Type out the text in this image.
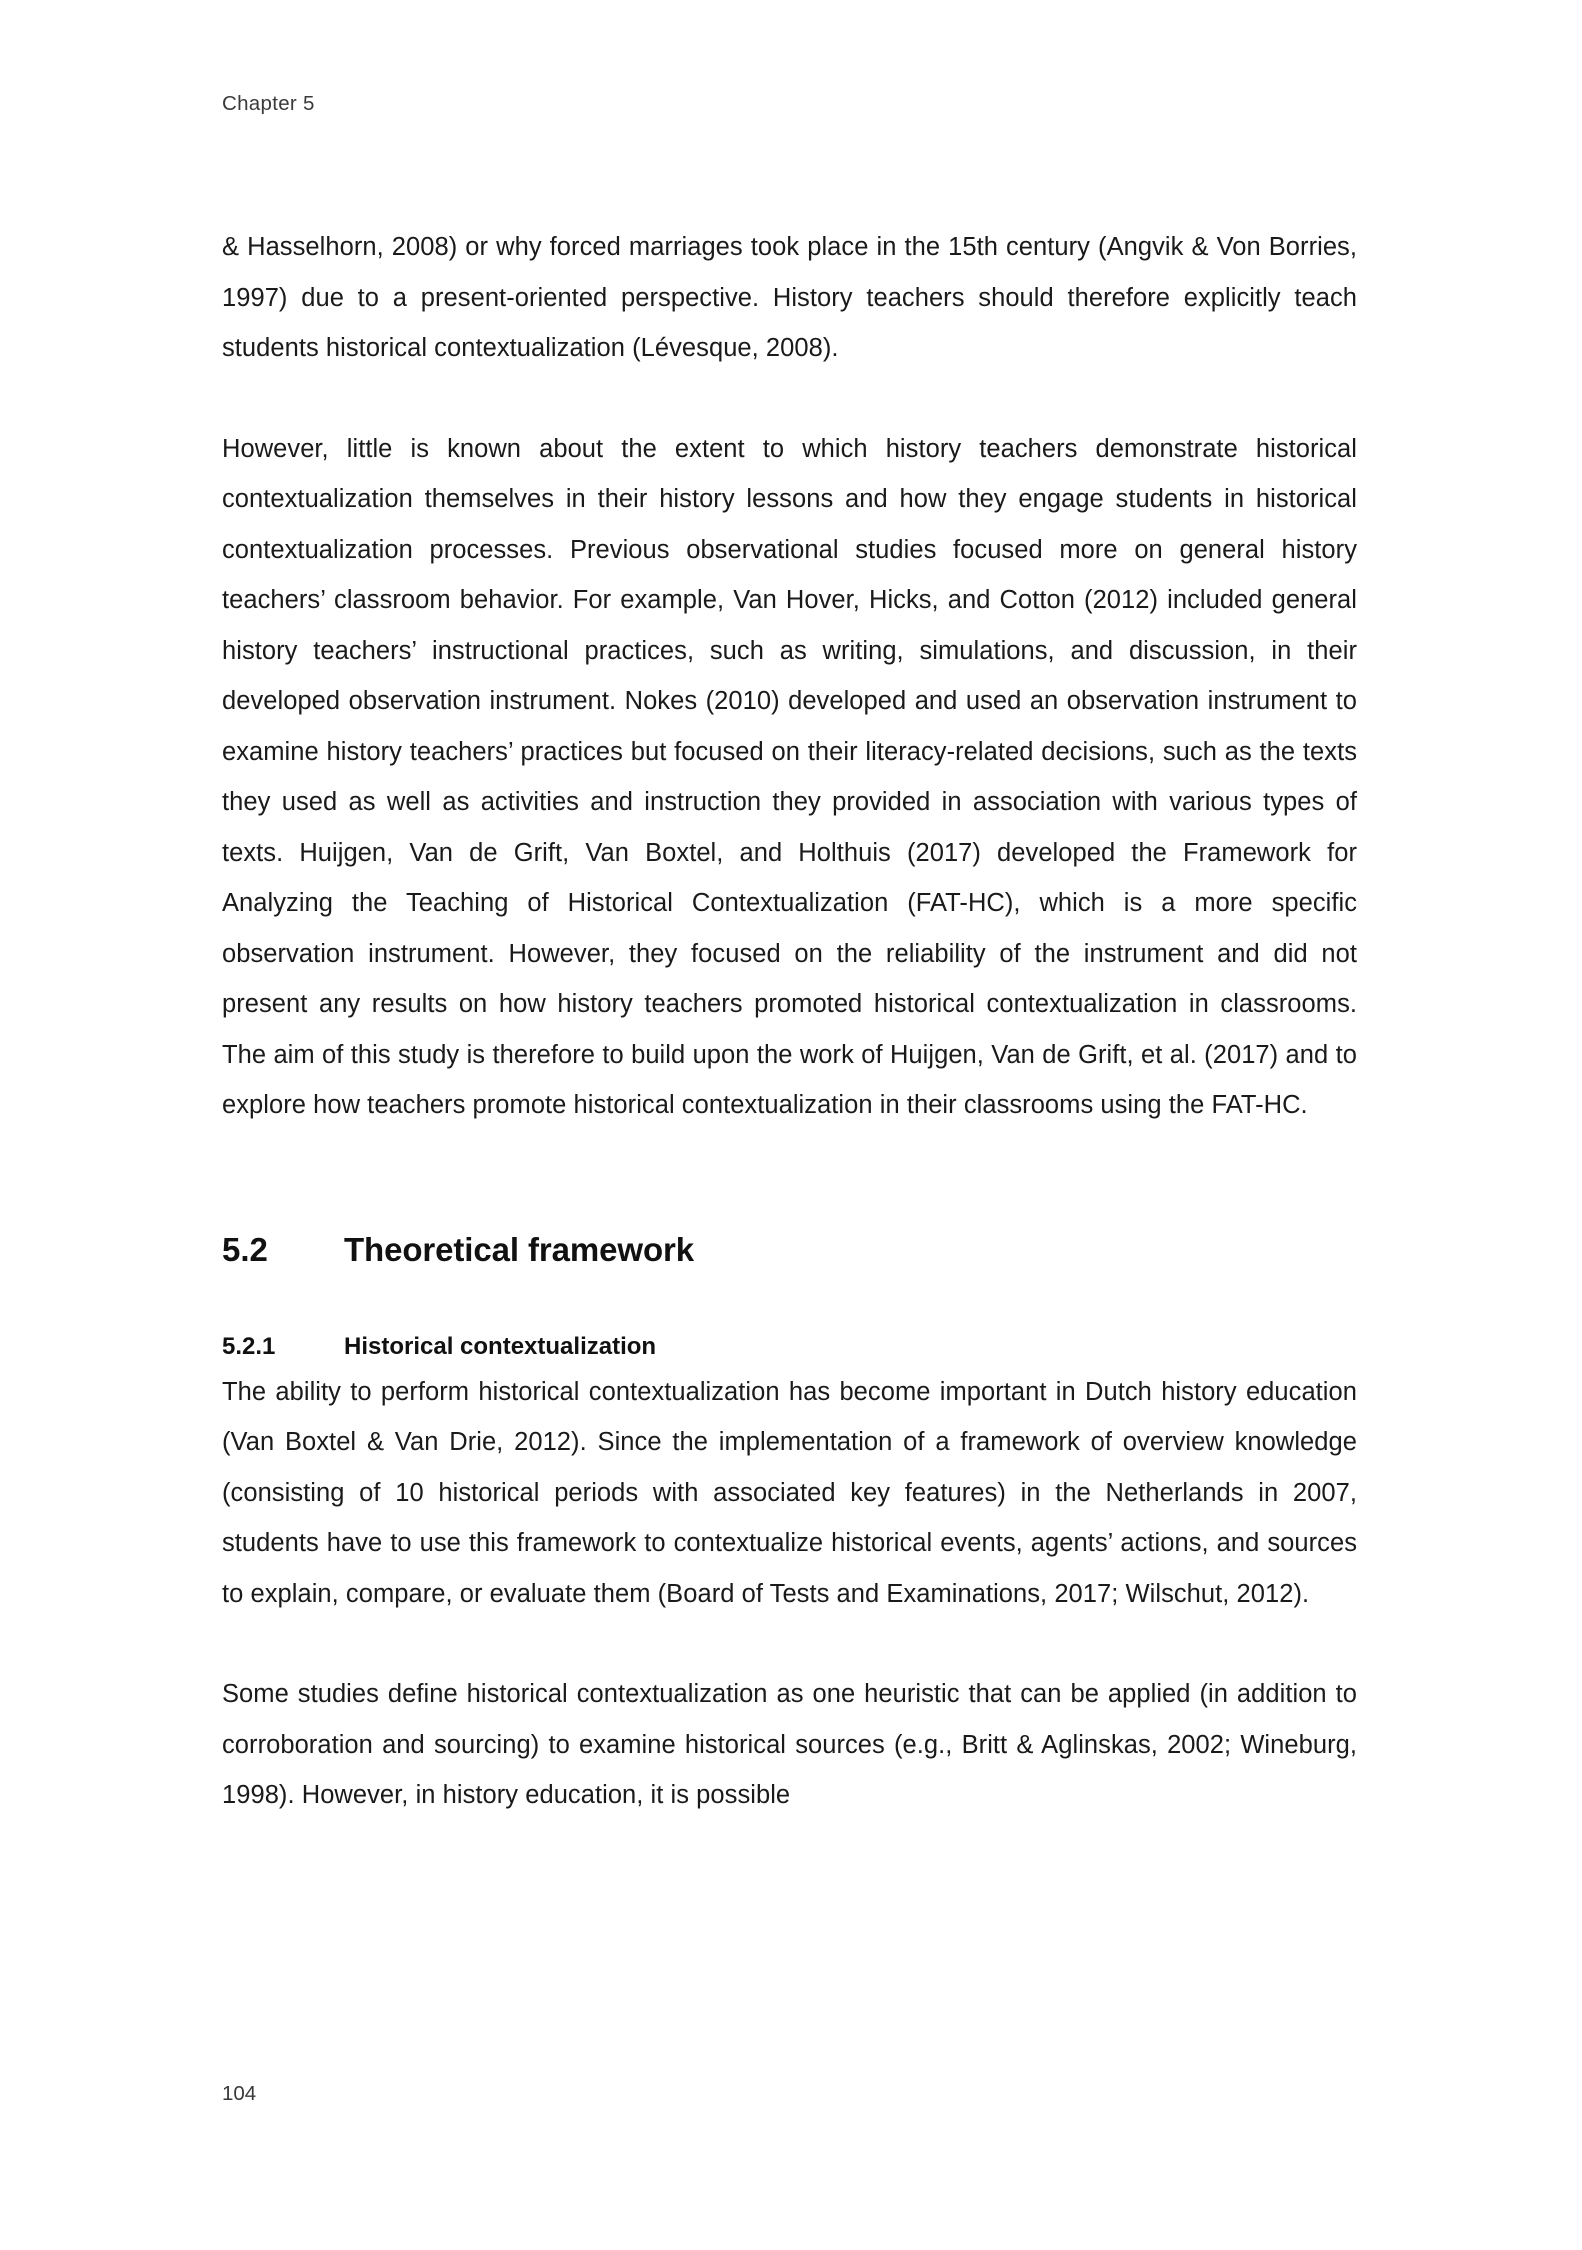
Chapter 5

& Hasselhorn, 2008) or why forced marriages took place in the 15th century (Angvik & Von Borries, 1997) due to a present-oriented perspective. History teachers should therefore explicitly teach students historical contextualization (Lévesque, 2008).

However, little is known about the extent to which history teachers demonstrate historical contextualization themselves in their history lessons and how they engage students in historical contextualization processes. Previous observational studies focused more on general history teachers’ classroom behavior. For example, Van Hover, Hicks, and Cotton (2012) included general history teachers’ instructional practices, such as writing, simulations, and discussion, in their developed observation instrument. Nokes (2010) developed and used an observation instrument to examine history teachers’ practices but focused on their literacy-related decisions, such as the texts they used as well as activities and instruction they provided in association with various types of texts. Huijgen, Van de Grift, Van Boxtel, and Holthuis (2017) developed the Framework for Analyzing the Teaching of Historical Contextualization (FAT-HC), which is a more specific observation instrument. However, they focused on the reliability of the instrument and did not present any results on how history teachers promoted historical contextualization in classrooms. The aim of this study is therefore to build upon the work of Huijgen, Van de Grift, et al. (2017) and to explore how teachers promote historical contextualization in their classrooms using the FAT-HC.

5.2	Theoretical framework
5.2.1	Historical contextualization

The ability to perform historical contextualization has become important in Dutch history education (Van Boxtel & Van Drie, 2012). Since the implementation of a framework of overview knowledge (consisting of 10 historical periods with associated key features) in the Netherlands in 2007, students have to use this framework to contextualize historical events, agents’ actions, and sources to explain, compare, or evaluate them (Board of Tests and Examinations, 2017; Wilschut, 2012).

Some studies define historical contextualization as one heuristic that can be applied (in addition to corroboration and sourcing) to examine historical sources (e.g., Britt & Aglinskas, 2002; Wineburg, 1998). However, in history education, it is possible

104
